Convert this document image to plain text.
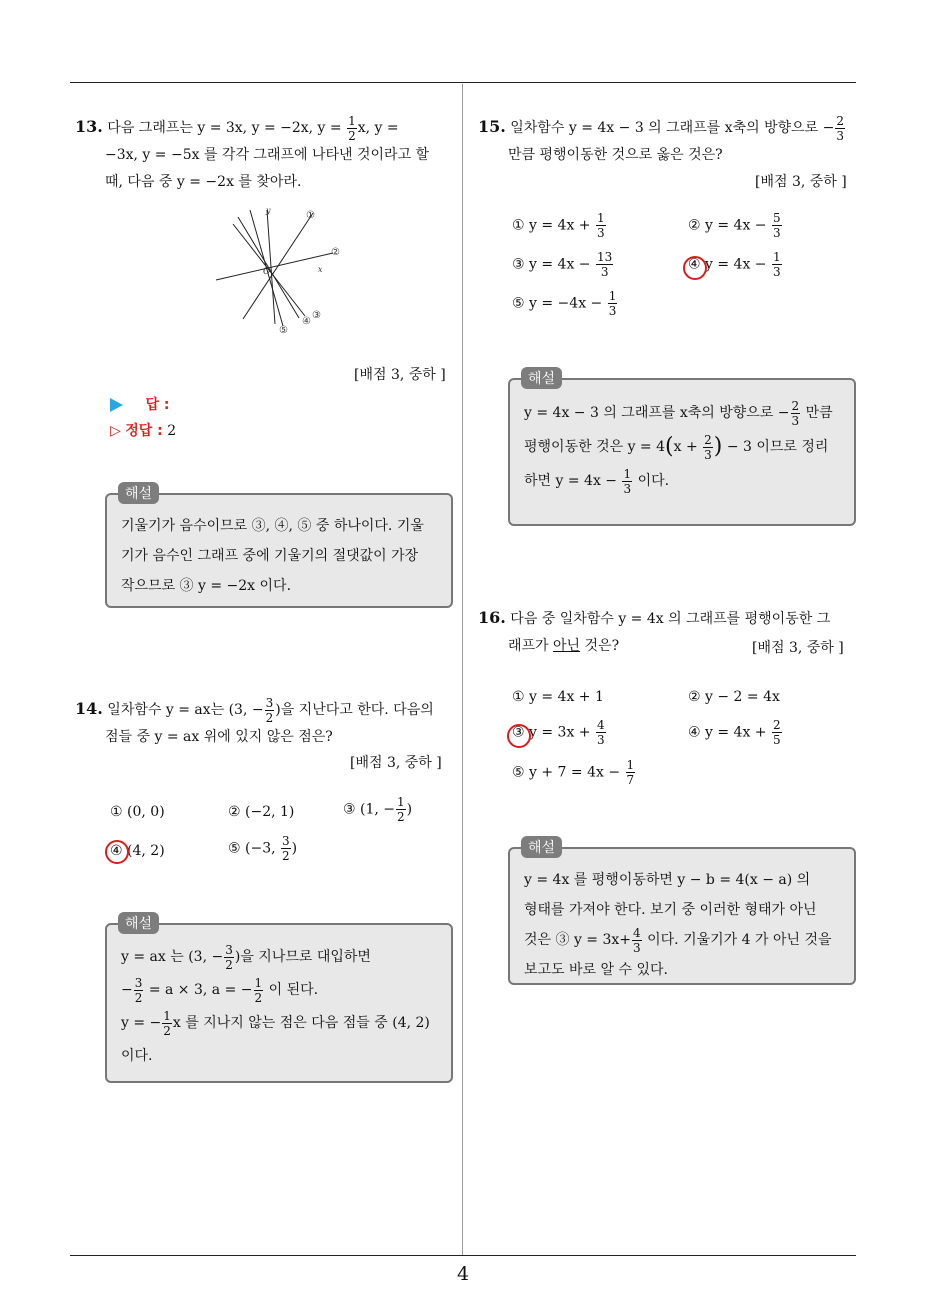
4
13. 다음 그래프는 y = 3x, y = −2x, $y = \frac{1}{2} x$, y =
−3x, y = −5x 를 각각 그래프에 나타낸 것이라고 할
때, 다음 중 y = −2x 를 찾아라.
y
O	x
①
②
③
④
⑤
[배점 3, 중하 ]
답 :
▷ 정답 : 2
기울기가 음수이므로 ③, ④, ⑤ 중 하나이다. 기울
기가 음수인 그래프 중에 기울기의 절댓값이 가장
작으므로 ③ y = −2x 이다.
해설
14. 일차함수 y = ax는 (3, − $\frac{3}{2}$ )을 지난다고 한다. 다음의
점들 중 y = ax 위에 있지 않은 점은?
[배점 3, 중하 ]
① (0, 0)	② (−2, 1)	③ (1, − $\frac{1}{2}$ )
④ (4, 2)	⑤ (−3, $\frac{3}{2}$ )
y = ax 는 (3, − $\frac{3}{2}$ )을 지나므로 대입하면
− $\frac{3}{2} = a \times 3$, a = − $\frac{1}{2}$ 이 된다.
y = − $\frac{1}{2}$ x 를 지나지 않는 점은 다음 점들 중 (4, 2)
이다.
해설
15. 일차함수 y = 4x − 3 의 그래프를 x축의 방향으로 − $\frac{2}{3}$
만큼 평행이동한 것으로 옳은 것은?
[배점 3, 중하 ]
① $y = 4x + \frac{1}{3}$	② $y = 4x - \frac{5}{3}$
③ $y = 4x - \frac{13}{3}$	④ $y = 4x - \frac{1}{3}$
⑤ $y = -4x - \frac{1}{3}$
y = 4x − 3 의 그래프를 x축의 방향으로 − $\frac{2}{3}$ 만큼
평행이동한 것은 $y = 4(x + \frac{2}{3}$ ) − 3 이므로 정리
하면 $y = 4x - \frac{1}{3}$ 이다.
해설
16. 다음 중 일차함수 y = 4x 의 그래프를 평행이동한 그
래프가 아닌 것은?	[배점 3, 중하 ]
① y = 4x + 1	② y − 2 = 4x
③ $y = 3x + \frac{4}{3}$	④ $y = 4x + \frac{2}{5}$
⑤ $y + 7 = 4x - \frac{1}{7}$
y = 4x 를 평행이동하면 y − b = 4(x − a) 의
형태를 가져야 한다. 보기 중 이러한 형태가 아닌
것은 ③ $y = 3x+ \frac{4}{3}$ 이다. 기울기가 4 가 아닌 것을
보고도 바로 알 수 있다.
해설
